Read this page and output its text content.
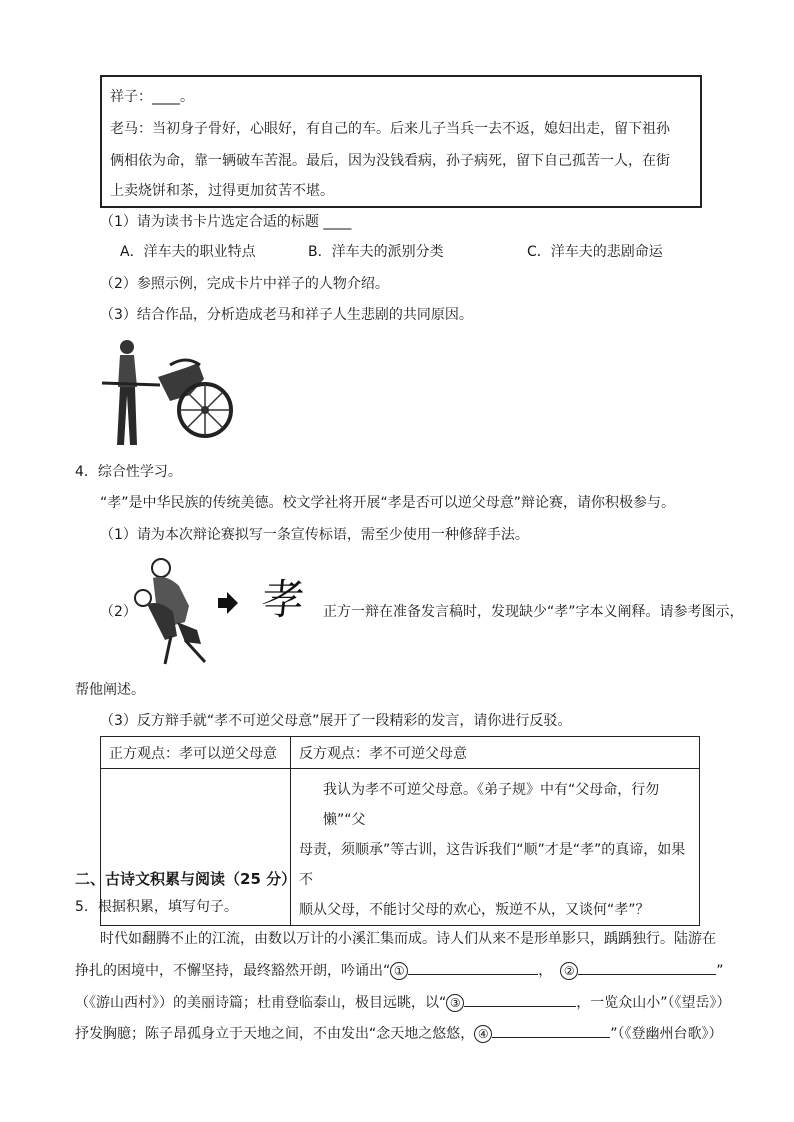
祥子：____。
老马：当初身子骨好，心眼好，有自己的车。后来儿子当兵一去不返，媳妇出走，留下祖孙
俩相依为命，靠一辆破车苦混。最后，因为没钱看病，孙子病死，留下自己孤苦一人，在街
上卖烧饼和茶，过得更加贫苦不堪。
（1）请为读书卡片选定合适的标题 ____
A．洋车夫的职业特点	B．洋车夫的派别分类	C．洋车夫的悲剧命运
（2）参照示例，完成卡片中祥子的人物介绍。
（3）结合作品，分析造成老马和祥子人生悲剧的共同原因。
4．综合性学习。
“孝”是中华民族的传统美德。校文学社将开展“孝是否可以逆父母意”辩论赛，请你积极参与。
（1）请为本次辩论赛拟写一条宣传标语，需至少使用一种修辞手法。
（2）	孝 正方一辩在准备发言稿时，发现缺少“孝”字本义阐释。请参考图示，
帮他阐述。
（3）反方辩手就“孝不可逆父母意”展开了一段精彩的发言，请你进行反驳。
正方观点：孝可以逆父母意	反方观点：孝不可逆父母意

	我认为孝不可逆父母意。《弟子规》中有“父母命，行勿懒”“父
母责，须顺承”等古训，这告诉我们“顺”才是“孝”的真谛，如果不
顺从父母，不能讨父母的欢心，叛逆不从，又谈何“孝”？
二、古诗文积累与阅读（25 分）
5．根据积累，填写句子。
时代如翻腾不止的江流，由数以万计的小溪汇集而成。诗人们从来不是形单影只，踽踽独行。陆游在
挣扎的困境中，不懈坚持，最终豁然开朗，吟诵出“ ①	， ②	”
（《游山西村》）的美丽诗篇；杜甫登临泰山，极目远眺，以“ ③	，一览众山小”（《望岳》）
抒发胸臆；陈子昂孤身立于天地之间，不由发出“念天地之悠悠， ④	”（《登幽州台歌》）
